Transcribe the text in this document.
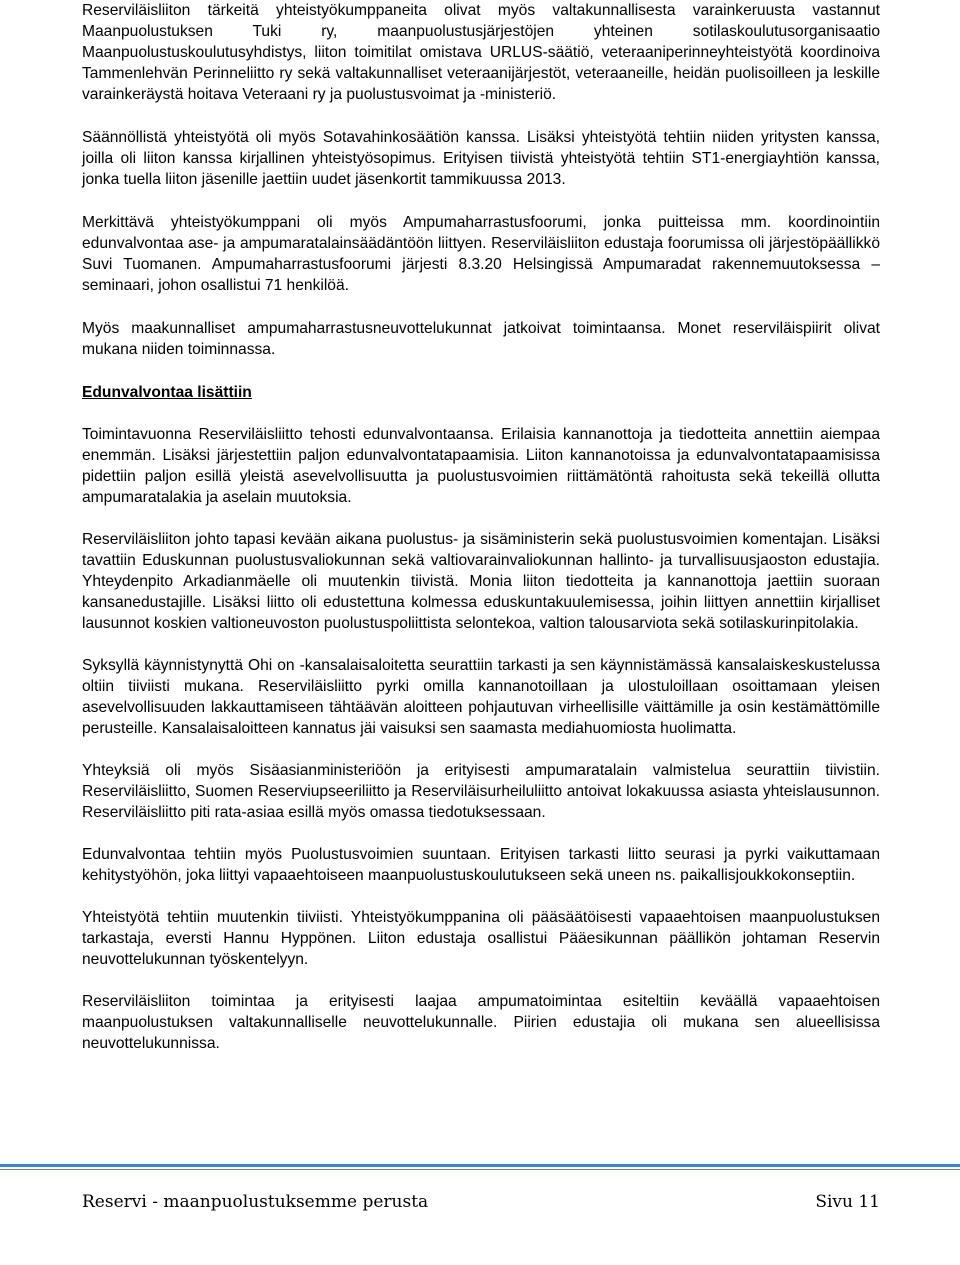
Reserviläisliiton tärkeitä yhteistyökumppaneita olivat myös valtakunnallisesta varainkeruusta vastannut Maanpuolustuksen Tuki ry, maanpuolustusjärjestöjen yhteinen sotilaskoulutusorganisaatio Maanpuolustuskoulutusyhdistys, liiton toimitilat omistava URLUS-säätiö, veteraaniperinneyhteistyötä koordinoiva Tammenlehvän Perinneliitto ry sekä valtakunnalliset veteraanijärjestöt, veteraaneille, heidän puolisoilleen ja leskille varainkeräystä hoitava Veteraani ry ja puolustusvoimat ja -ministeriö.

Säännöllistä yhteistyötä oli myös Sotavahinkosäätiön kanssa. Lisäksi yhteistyötä tehtiin niiden yritysten kanssa, joilla oli liiton kanssa kirjallinen yhteistyösopimus. Erityisen tiivistä yhteistyötä tehtiin ST1-energiayhtiön kanssa, jonka tuella liiton jäsenille jaettiin uudet jäsenkortit tammikuussa 2013.

Merkittävä yhteistyökumppani oli myös Ampumaharrastusfoorumi, jonka puitteissa mm. koordinointiin edunvalvontaa ase- ja ampumaratalainsäädäntöön liittyen. Reserviläisliiton edustaja foorumissa oli järjestöpäällikkö Suvi Tuomanen. Ampumaharrastusfoorumi järjesti 8.3.20 Helsingissä Ampumaradat rakennemuutoksessa –seminaari, johon osallistui 71 henkilöä.

Myös maakunnalliset ampumaharrastusneuvottelukunnat jatkoivat toimintaansa. Monet reserviläispiirit olivat mukana niiden toiminnassa.

Edunvalvontaa lisättiin

Toimintavuonna Reserviläisliitto tehosti edunvalvontaansa. Erilaisia kannanottoja ja tiedotteita annettiin aiempaa enemmän. Lisäksi järjestettiin paljon edunvalvontatapaamisia. Liiton kannanotoissa ja edunvalvontatapaamisissa pidettiin paljon esillä yleistä asevelvollisuutta ja puolustusvoimien riittämätöntä rahoitusta sekä tekeillä ollutta ampumaratalakia ja aselain muutoksia.

Reserviläisliiton johto tapasi kevään aikana puolustus- ja sisäministerin sekä puolustusvoimien komentajan. Lisäksi tavattiin Eduskunnan puolustusvaliokunnan sekä valtiovarainvaliokunnan hallinto- ja turvallisuusjaoston edustajia. Yhteydenpito Arkadianmäelle oli muutenkin tiivistä. Monia liiton tiedotteita ja kannanottoja jaettiin suoraan kansanedustajille. Lisäksi liitto oli edustettuna kolmessa eduskuntakuulemisessa, joihin liittyen annettiin kirjalliset lausunnot koskien valtioneuvoston puolustuspoliittista selontekoa, valtion talousarviota sekä sotilaskurinpitolakia.

Syksyllä käynnistynyttä Ohi on -kansalaisaloitetta seurattiin tarkasti ja sen käynnistämässä kansalaiskeskustelussa oltiin tiiviisti mukana. Reserviläisliitto pyrki omilla kannanotoillaan ja ulostuloillaan osoittamaan yleisen asevelvollisuuden lakkauttamiseen tähtäävän aloitteen pohjautuvan virheellisille väittämille ja osin kestämättömille perusteille. Kansalaisaloitteen kannatus jäi vaisuksi sen saamasta mediahuomiosta huolimatta.

Yhteyksiä oli myös Sisäasianministeriöön ja erityisesti ampumaratalain valmistelua seurattiin tiivistiin. Reserviläisliitto, Suomen Reserviupseeriliitto ja Reserviläisurheiluliitto antoivat lokakuussa asiasta yhteislausunnon. Reserviläisliitto piti rata-asiaa esillä myös omassa tiedotuksessaan.

Edunvalvontaa tehtiin myös Puolustusvoimien suuntaan. Erityisen tarkasti liitto seurasi ja pyrki vaikuttamaan kehitystyöhön, joka liittyi vapaaehtoiseen maanpuolustuskoulutukseen sekä uneen ns. paikallisjoukkokonseptiin.

Yhteistyötä tehtiin muutenkin tiiviisti. Yhteistyökumppanina oli pääsäätöisesti vapaaehtoisen maanpuolustuksen tarkastaja, eversti Hannu Hyppönen. Liiton edustaja osallistui Pääesikunnan päällikön johtaman Reservin neuvottelukunnan työskentelyyn.

Reserviläisliiton toimintaa ja erityisesti laajaa ampumatoimintaa esiteltiin keväällä vapaaehtoisen maanpuolustuksen valtakunnalliselle neuvottelukunnalle. Piirien edustajia oli mukana sen alueellisissa neuvottelukunnissa.

Reservi - maanpuolustuksemme perusta	Sivu 11
